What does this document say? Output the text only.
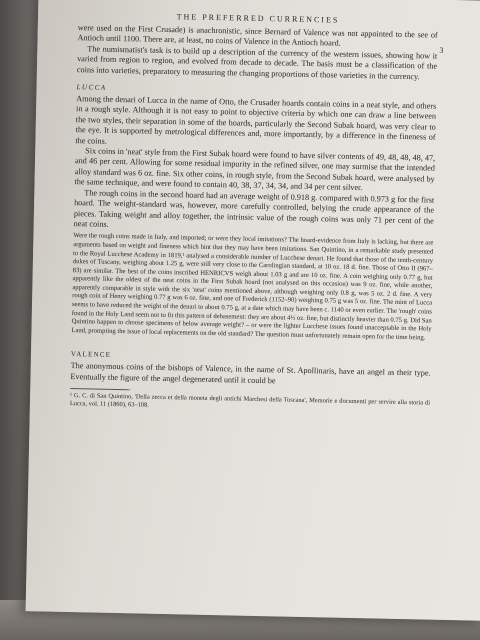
THE PREFERRED CURRENCIES
3

were used on the First Crusade) is anachronistic, since Bernard of Valence was not appointed to the see of Antioch until 1100. There are, at least, no coins of Valence in the Antioch hoard.

The numismatist's task is to build up a description of the currency of the western issues, showing how it varied from region to region, and evolved from decade to decade. The basis must be a classification of the coins into varieties, preparatory to measuring the changing proportions of those varieties in the currency.

LUCCA

Among the denari of Lucca in the name of Otto, the Crusader hoards contain coins in a neat style, and others in a rough style. Although it is not easy to point to objective criteria by which one can draw a line between the two styles, their separation in some of the hoards, particularly the Second Subak hoard, was very clear to the eye. It is supported by metrological differences and, more importantly, by a difference in the fineness of the coins.

Six coins in 'neat' style from the First Subak hoard were found to have silver contents of 49, 48, 48, 48, 47, and 46 per cent. Allowing for some residual impurity in the refined silver, one may surmise that the intended alloy standard was 6 oz. fine. Six other coins, in rough style, from the Second Subak hoard, were analysed by the same technique, and were found to contain 40, 38, 37, 34, 34, and 34 per cent silver.

The rough coins in the second hoard had an average weight of 0.918 g. compared with 0.973 g for the first hoard. The weight-standard was, however, more carefully controlled, belying the crude appearance of the pieces. Taking weight and alloy together, the intrinsic value of the rough coins was only 71 per cent of the neat coins.

Were the rough coins made in Italy, and imported; or were they local imitations? The hoard-evidence from Italy is lacking, but there are arguments based on weight and fineness which hint that they may have been imitations. San Quintino, in a remarkable study presented to the Royal Lucchese Academy in 1819,¹ analysed a considerable number of Lucchese denari. He found that those of the tenth-century dukes of Tuscany, weighing about 1.25 g, were still very close to the Carolingian standard, at 10 oz. 18 d. fine. Those of Otto II (967–83) are similar. The best of the coins inscribed HENRICVS weigh about 1.03 g and are 10 oz. fine. A coin weighing only 0.77 g, but apparently like the oldest of the neat coins in the First Subak hoard (not analysed on this occasion) was 9 oz. fine, while another, apparently comparable in style with the six 'neat' coins mentioned above, although weighing only 0.8 g, was 5 oz. 2 d. fine. A very rough coin of Henry weighing 0.77 g was 6 oz. fine, and one of Frederick (1152–90) weighing 0.75 g was 5 oz. fine. The mint of Lucca seems to have reduced the weight of the denari to about 0.75 g, at a date which may have been c. 1140 or even earlier. The 'rough' coins found in the Holy Land seem not to fit this pattern of debasement: they are about 4½ oz. fine, but distinctly heavier than 0.75 g. Did San Quintino happen to choose specimens of below average weight? – or were the lighter Lucchese issues found unacceptable in the Holy Land, prompting the issue of local replacements on the old standard? The question must unfortunately remain open for the time being.

VALENCE

The anonymous coins of the bishops of Valence, in the name of St. Apollinaris, have an angel as their type. Eventually the figure of the angel degenerated until it could be

¹ G. C. di San Quintino, 'Della zecca et della moneta degli antichi Marchesi della Toscana', Memorie e documenti per servire alla storia di Lucca, vol. 11 (1860), 63–108.
